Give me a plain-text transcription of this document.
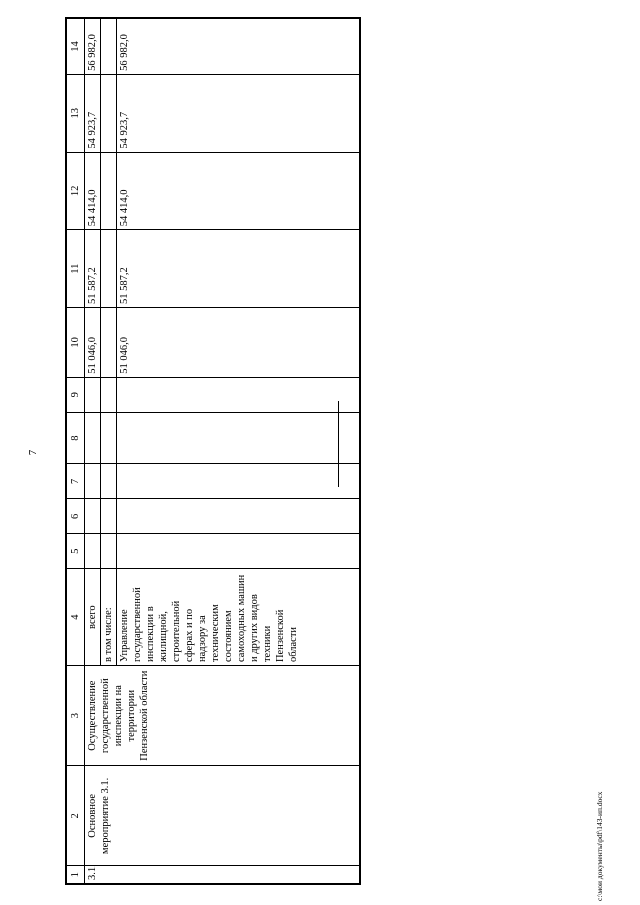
7
1	2	3	4	5	6	7	8	9	10	11	12	13	14
3.1.	Основное мероприятие 3.1.	Осуществление государственной инспекции на территории Пензенской области	всего						51 046,0	51 587,2	54 414,0	54 923,7	56 982,0
			в том числе:										
			Управление государственной инспекции в жилищной, строительной сферах и по надзору за техническим состоянием самоходных машин и других видов техники Пензенской области						51 046,0	51 587,2	54 414,0	54 923,7	56 982,0
c:\мои документы\pdf\143-ип.docx
